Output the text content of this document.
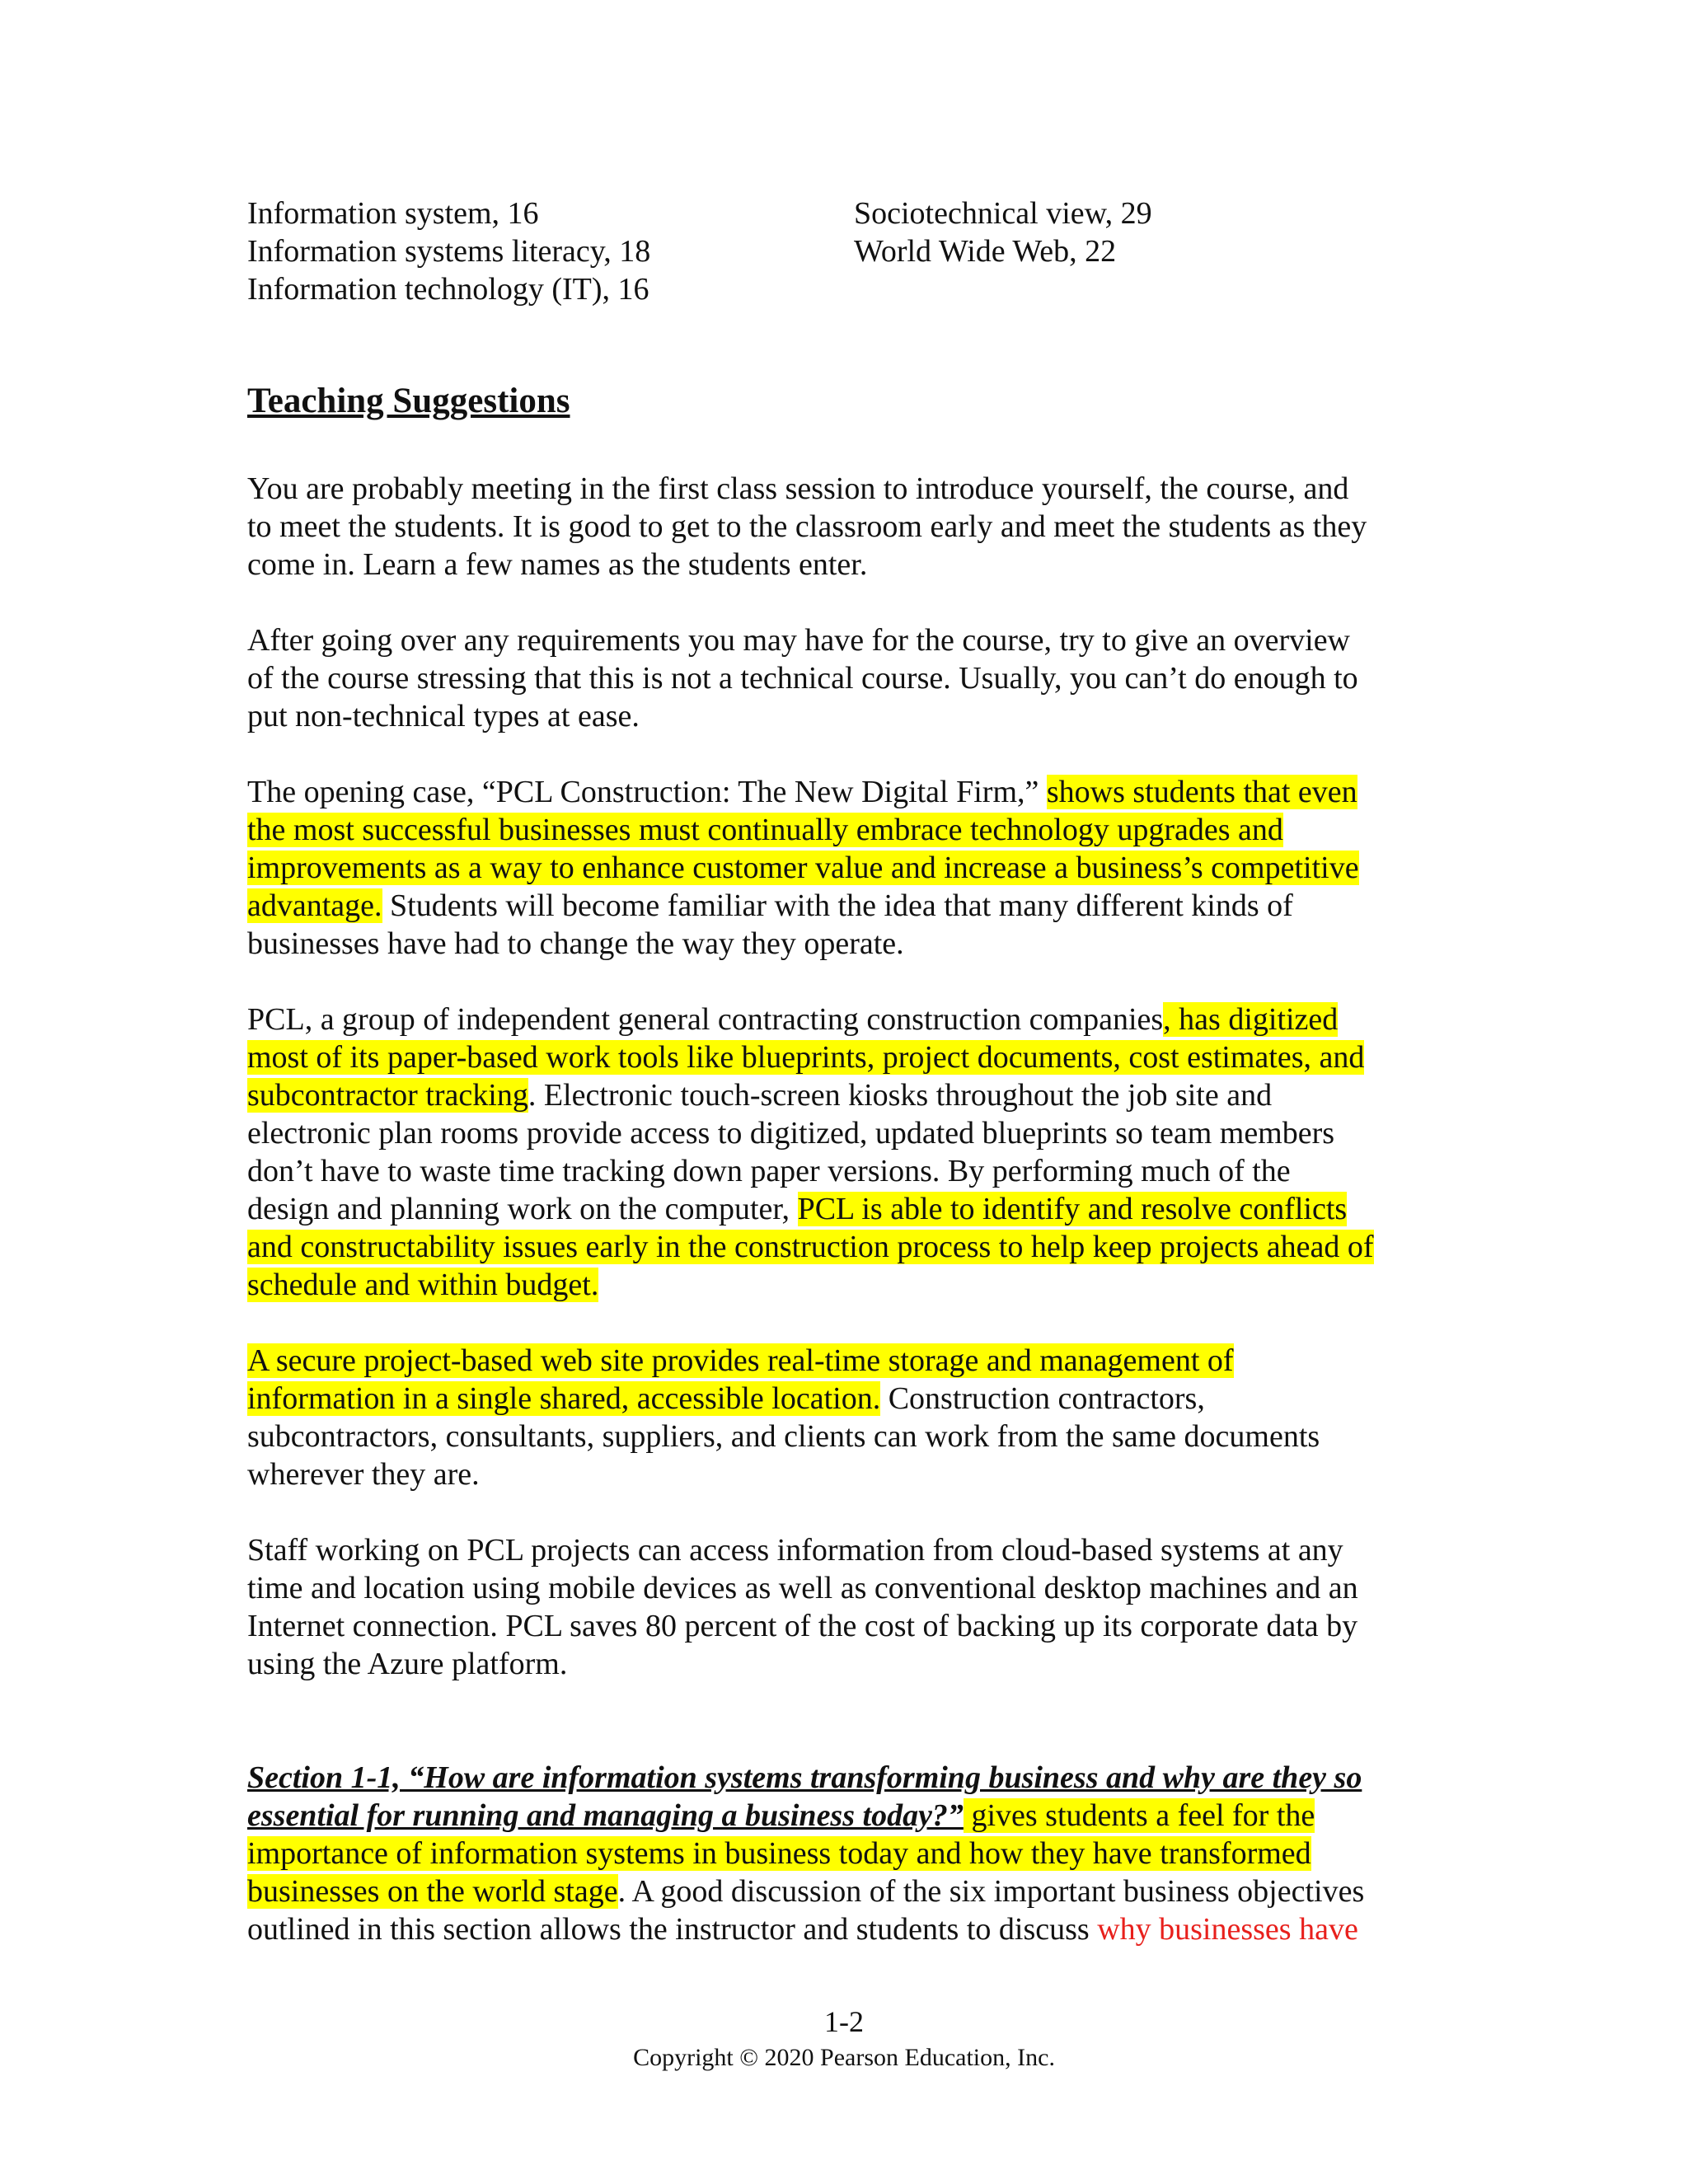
Information system, 16

Information systems literacy, 18

Information technology (IT), 16

Sociotechnical view, 29

World Wide Web, 22

Teaching Suggestions

You are probably meeting in the first class session to introduce yourself, the course, and

to meet the students. It is good to get to the classroom early and meet the students as they

come in. Learn a few names as the students enter.

After going over any requirements you may have for the course, try to give an overview

of the course stressing that this is not a technical course. Usually, you can’t do enough to

put non-technical types at ease.

The opening case, “PCL Construction: The New Digital Firm,” shows students that even

the most successful businesses must continually embrace technology upgrades and

improvements as a way to enhance customer value and increase a business’s competitive

advantage. Students will become familiar with the idea that many different kinds of

businesses have had to change the way they operate.

PCL, a group of independent general contracting construction companies, has digitized

most of its paper-based work tools like blueprints, project documents, cost estimates, and

subcontractor tracking. Electronic touch-screen kiosks throughout the job site and

electronic plan rooms provide access to digitized, updated blueprints so team members

don’t have to waste time tracking down paper versions. By performing much of the

design and planning work on the computer, PCL is able to identify and resolve conflicts

and constructability issues early in the construction process to help keep projects ahead of

schedule and within budget.

A secure project-based web site provides real-time storage and management of

information in a single shared, accessible location. Construction contractors,

subcontractors, consultants, suppliers, and clients can work from the same documents

wherever they are.

Staff working on PCL projects can access information from cloud-based systems at any

time and location using mobile devices as well as conventional desktop machines and an

Internet connection. PCL saves 80 percent of the cost of backing up its corporate data by

using the Azure platform.

Section 1-1, “How are information systems transforming business and why are they so

essential for running and managing a business today?” gives students a feel for the

importance of information systems in business today and how they have transformed

businesses on the world stage. A good discussion of the six important business objectives

outlined in this section allows the instructor and students to discuss why businesses have

1-2
Copyright © 2020 Pearson Education, Inc.
